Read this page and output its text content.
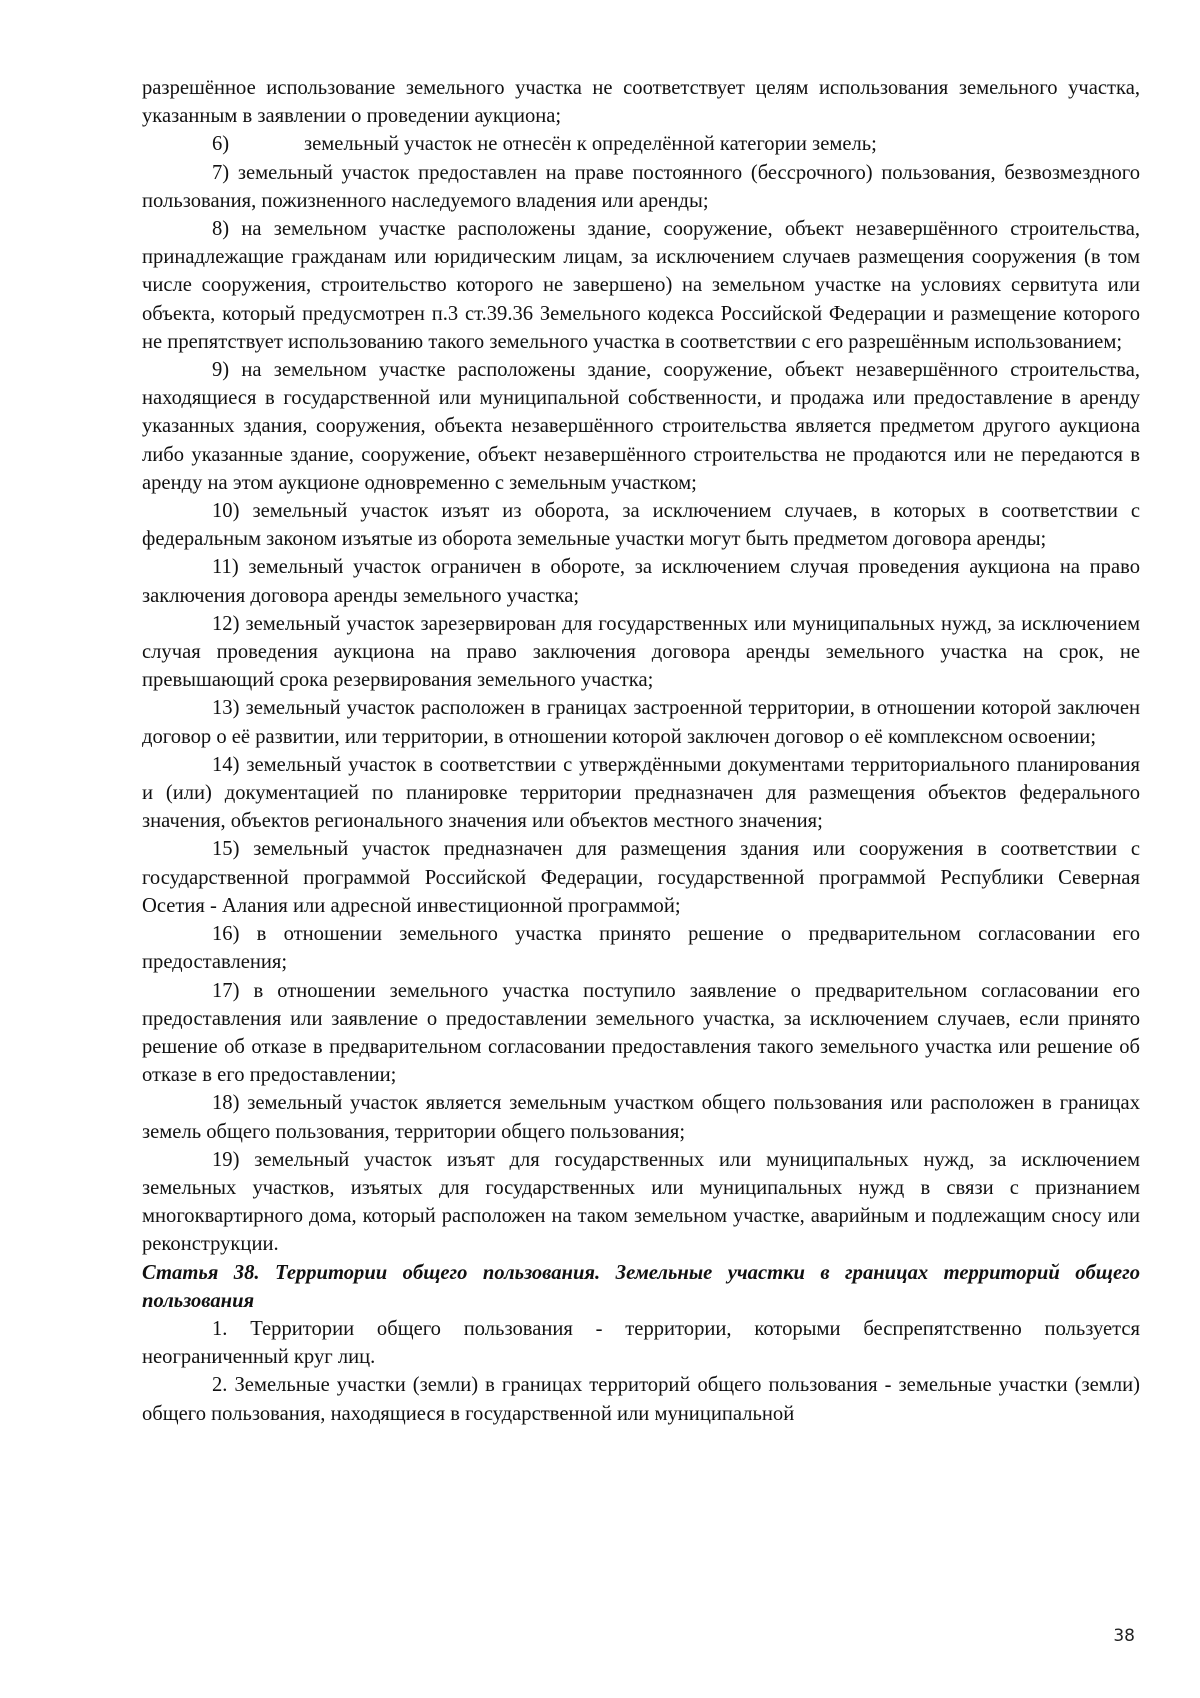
разрешённое использование земельного участка не соответствует целям использования земельного участка, указанным в заявлении о проведении аукциона;

6)	земельный участок не отнесён к определённой категории земель;

7) земельный участок предоставлен на праве постоянного (бессрочного) пользования, безвозмездного пользования, пожизненного наследуемого владения или аренды;

8) на земельном участке расположены здание, сооружение, объект незавершённого строительства, принадлежащие гражданам или юридическим лицам, за исключением случаев размещения сооружения (в том числе сооружения, строительство которого не завершено) на земельном участке на условиях сервитута или объекта, который предусмотрен п.3 ст.39.36 Земельного кодекса Российской Федерации и размещение которого не препятствует использованию такого земельного участка в соответствии с его разрешённым использованием;

9) на земельном участке расположены здание, сооружение, объект незавершённого строительства, находящиеся в государственной или муниципальной собственности, и продажа или предоставление в аренду указанных здания, сооружения, объекта незавершённого строительства является предметом другого аукциона либо указанные здание, сооружение, объект незавершённого строительства не продаются или не передаются в аренду на этом аукционе одновременно с земельным участком;

10) земельный участок изъят из оборота, за исключением случаев, в которых в соответствии с федеральным законом изъятые из оборота земельные участки могут быть предметом договора аренды;

11) земельный участок ограничен в обороте, за исключением случая проведения аукциона на право заключения договора аренды земельного участка;

12) земельный участок зарезервирован для государственных или муниципальных нужд, за исключением случая проведения аукциона на право заключения договора аренды земельного участка на срок, не превышающий срока резервирования земельного участка;

13) земельный участок расположен в границах застроенной территории, в отношении которой заключен договор о её развитии, или территории, в отношении которой заключен договор о её комплексном освоении;

14) земельный участок в соответствии с утверждёнными документами территориального планирования и (или) документацией по планировке территории предназначен для размещения объектов федерального значения, объектов регионального значения или объектов местного значения;

15) земельный участок предназначен для размещения здания или сооружения в соответствии с государственной программой Российской Федерации, государственной программой Республики Северная Осетия - Алания или адресной инвестиционной программой;

16) в отношении земельного участка принято решение о предварительном согласовании его предоставления;

17) в отношении земельного участка поступило заявление о предварительном согласовании его предоставления или заявление о предоставлении земельного участка, за исключением случаев, если принято решение об отказе в предварительном согласовании предоставления такого земельного участка или решение об отказе в его предоставлении;

18) земельный участок является земельным участком общего пользования или расположен в границах земель общего пользования, территории общего пользования;

19) земельный участок изъят для государственных или муниципальных нужд, за исключением земельных участков, изъятых для государственных или муниципальных нужд в связи с признанием многоквартирного дома, который расположен на таком земельном участке, аварийным и подлежащим сносу или реконструкции.

Статья 38. Территории общего пользования. Земельные участки в границах территорий общего пользования

1. Территории общего пользования - территории, которыми беспрепятственно пользуется неограниченный круг лиц.

2. Земельные участки (земли) в границах территорий общего пользования - земельные участки (земли) общего пользования, находящиеся в государственной или муниципальной

38
